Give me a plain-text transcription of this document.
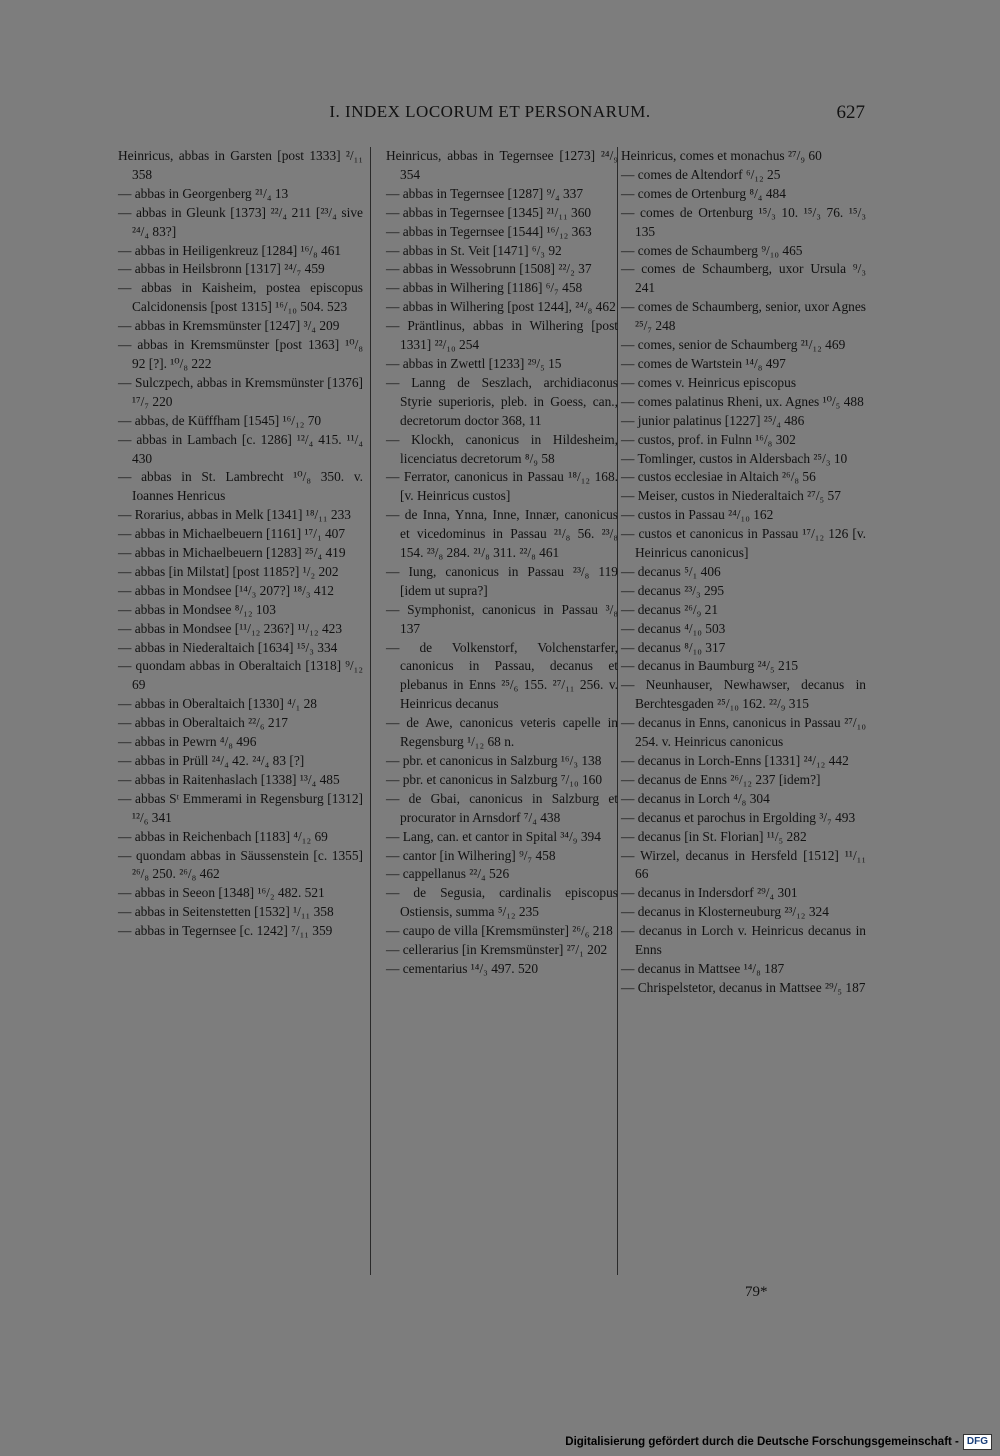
I. INDEX LOCORUM ET PERSONARUM.	627

Heinricus, abbas in Garsten [post 1333] ²/₁₁ 358

— abbas in Georgenberg ²¹/₄ 13

— abbas in Gleunk [1373] ²²/₄ 211 [²³/₄ sive ²⁴/₄ 83?]

— abbas in Heiligenkreuz [1284] ¹⁶/₈ 461

— abbas in Heilsbronn [1317] ²⁴/₇ 459

— abbas in Kaisheim, postea episcopus Calcidonensis [post 1315] ¹⁶/₁₀ 504. 523

— abbas in Kremsmünster [1247] ³/₄ 209

— abbas in Kremsmünster [post 1363] ¹⁰/₈ 92 [?]. ¹⁰/₈ 222

— Sulczpech, abbas in Kremsmünster [1376] ¹⁷/₇ 220

— abbas, de Küfffham [1545] ¹⁶/₁₂ 70

— abbas in Lambach [c. 1286] ¹²/₄ 415. ¹¹/₄ 430

— abbas in St. Lambrecht ¹⁰/₈ 350. v. Ioannes Henricus

— Rorarius, abbas in Melk [1341] ¹⁸/₁₁ 233

— abbas in Michaelbeuern [1161] ¹⁷/₁ 407

— abbas in Michaelbeuern [1283] ²⁵/₄ 419

— abbas [in Milstat] [post 1185?] ¹/₂ 202

— abbas in Mondsee [¹⁴/₃ 207?] ¹⁸/₃ 412

— abbas in Mondsee ⁸/₁₂ 103

— abbas in Mondsee [¹¹/₁₂ 236?] ¹¹/₁₂ 423

— abbas in Niederaltaich [1634] ¹⁵/₃ 334

— quondam abbas in Oberaltaich [1318] ⁹/₁₂ 69

— abbas in Oberaltaich [1330] ⁴/₁ 28

— abbas in Oberaltaich ²²/₆ 217

— abbas in Pewrn ⁴/₈ 496

— abbas in Prüll ²⁴/₄ 42. ²⁴/₄ 83 [?]

— abbas in Raitenhaslach [1338] ¹³/₄ 485

— abbas Sᵗ Emmerami in Regensburg [1312] ¹²/₆ 341

— abbas in Reichenbach [1183] ⁴/₁₂ 69

— quondam abbas in Säussenstein [c. 1355] ²⁶/₈ 250. ²⁶/₈ 462

— abbas in Seeon [1348] ¹⁶/₂ 482. 521

— abbas in Seitenstetten [1532] ¹/₁₁ 358

— abbas in Tegernsee [c. 1242] ⁷/₁₁ 359

Heinricus, abbas in Tegernsee [1273] ²⁴/₉ 354

— abbas in Tegernsee [1287] ⁹/₄ 337

— abbas in Tegernsee [1345] ²¹/₁₁ 360

— abbas in Tegernsee [1544] ¹⁶/₁₂ 363

— abbas in St. Veit [1471] ⁶/₃ 92

— abbas in Wessobrunn [1508] ²²/₂ 37

— abbas in Wilhering [1186] ⁶/₇ 458

— abbas in Wilhering [post 1244], ²⁴/₈ 462

— Präntlinus, abbas in Wilhering [post 1331] ²²/₁₀ 254

— abbas in Zwettl [1233] ²⁹/₅ 15

— Lanng de Seszlach, archidiaconus Styrie superioris, pleb. in Goess, can., decretorum doctor 368, 11

— Klockh, canonicus in Hildesheim, licenciatus decretorum ⁸/₉ 58

— Ferrator, canonicus in Passau ¹⁸/₁₂ 168. [v. Heinricus custos]

— de Inna, Ynna, Inne, Innær, canonicus et vicedominus in Passau ²¹/₈ 56. ²³/₈ 154. ²³/₈ 284. ²¹/₈ 311. ²²/₈ 461

— Iung, canonicus in Passau ²³/₈ 119 [idem ut supra?]

— Symphonist, canonicus in Passau ³/₈ 137

— de Volkenstorf, Volchenstarfer, canonicus in Passau, decanus et plebanus in Enns ²⁵/₆ 155. ²⁷/₁₁ 256. v. Heinricus decanus

— de Awe, canonicus veteris capelle in Regensburg ¹/₁₂ 68 n.

— pbr. et canonicus in Salzburg ¹⁶/₃ 138

— pbr. et canonicus in Salzburg ⁷/₁₀ 160

— de Gbai, canonicus in Salzburg et procurator in Arnsdorf ⁷/₄ 438

— Lang, can. et cantor in Spital ³⁴/₉ 394

— cantor [in Wilhering] ⁹/₇ 458

— cappellanus ²²/₄ 526

— de Segusia, cardinalis episcopus Ostiensis, summa ⁵/₁₂ 235

— caupo de villa [Kremsmünster] ²⁶/₆ 218

— cellerarius [in Kremsmünster] ²⁷/₁ 202

— cementarius ¹⁴/₃ 497. 520

Heinricus, comes et monachus ²⁷/₉ 60

— comes de Altendorf ⁶/₁₂ 25

— comes de Ortenburg ⁸/₄ 484

— comes de Ortenburg ¹⁵/₃ 10. ¹⁵/₃ 76. ¹⁵/₃ 135

— comes de Schaumberg ⁹/₁₀ 465

— comes de Schaumberg, uxor Ursula ⁹/₃ 241

— comes de Schaumberg, senior, uxor Agnes ²⁵/₇ 248

— comes, senior de Schaumberg ²¹/₁₂ 469

— comes de Wartstein ¹⁴/₈ 497

— comes v. Heinricus episcopus

— comes palatinus Rheni, ux. Agnes ¹⁰/₅ 488

— junior palatinus [1227] ²⁵/₄ 486

— custos, prof. in Fulnn ¹⁶/₈ 302

— Tomlinger, custos in Aldersbach ²⁵/₃ 10

— custos ecclesiae in Altaich ²⁶/₈ 56

— Meiser, custos in Niederaltaich ²⁷/₅ 57

— custos in Passau ²⁴/₁₀ 162

— custos et canonicus in Passau ¹⁷/₁₂ 126 [v. Heinricus canonicus]

— decanus ⁵/₁ 406

— decanus ²³/₃ 295

— decanus ²⁶/₉ 21

— decanus ⁴/₁₀ 503

— decanus ⁸/₁₀ 317

— decanus in Baumburg ²⁴/₅ 215

— Neunhauser, Newhawser, decanus in Berchtesgaden ²⁵/₁₀ 162. ²²/₉ 315

— decanus in Enns, canonicus in Passau ²⁷/₁₀ 254. v. Heinricus canonicus

— decanus in Lorch-Enns [1331] ²⁴/₁₂ 442

— decanus de Enns ²⁶/₁₂ 237 [idem?]

— decanus in Lorch ⁴/₈ 304

— decanus et parochus in Ergolding ³/₇ 493

— decanus [in St. Florian] ¹¹/₅ 282

— Wirzel, decanus in Hersfeld [1512] ¹¹/₁₁ 66

— decanus in Indersdorf ²⁹/₄ 301

— decanus in Klosterneuburg ²³/₁₂ 324

— decanus in Lorch v. Heinricus decanus in Enns

— decanus in Mattsee ¹⁴/₈ 187

— Chrispelstetor, decanus in Mattsee ²⁹/₅ 187

79*
Digitalisierung gefördert durch die Deutsche Forschungsgemeinschaft - DFG
